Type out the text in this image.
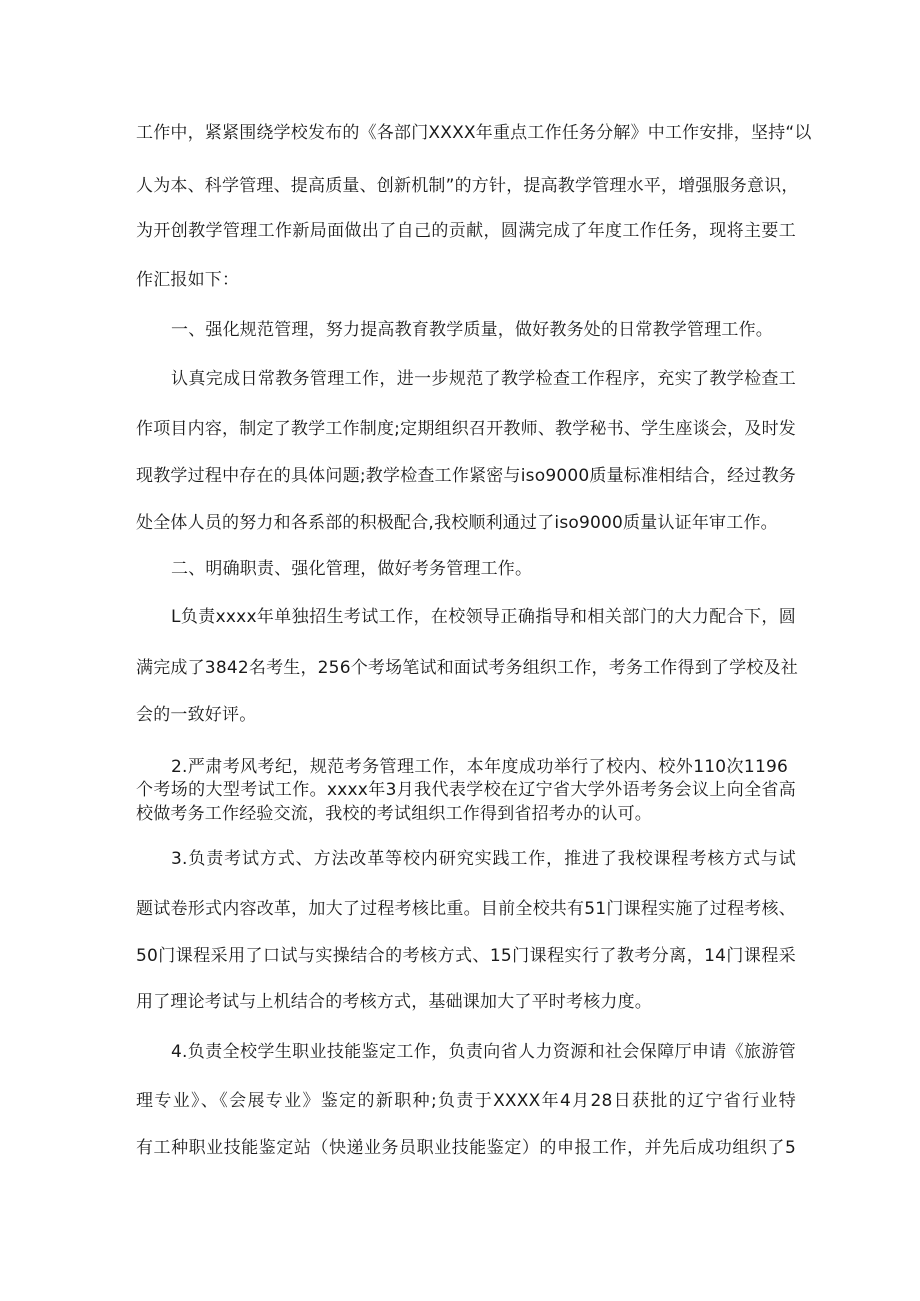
工作中，紧紧围绕学校发布的《各部门XXXX年重点工作任务分解》中工作安排，坚持“以
人为本、科学管理、提高质量、创新机制”的方针，提高教学管理水平，增强服务意识，
为开创教学管理工作新局面做出了自己的贡献，圆满完成了年度工作任务，现将主要工
作汇报如下：
一、强化规范管理，努力提高教育教学质量，做好教务处的日常教学管理工作。
认真完成日常教务管理工作，进一步规范了教学检查工作程序，充实了教学检查工
作项目内容，制定了教学工作制度;定期组织召开教师、教学秘书、学生座谈会，及时发
现教学过程中存在的具体问题;教学检查工作紧密与iso9000质量标准相结合，经过教务
处全体人员的努力和各系部的积极配合,我校顺利通过了iso9000质量认证年审工作。
二、明确职责、强化管理，做好考务管理工作。
L负责xxxx年单独招生考试工作，在校领导正确指导和相关部门的大力配合下，圆
满完成了3842名考生，256个考场笔试和面试考务组织工作，考务工作得到了学校及社
会的一致好评。
2.严肃考风考纪，规范考务管理工作，本年度成功举行了校内、校外110次1196
个考场的大型考试工作。xxxx年3月我代表学校在辽宁省大学外语考务会议上向全省高
校做考务工作经验交流，我校的考试组织工作得到省招考办的认可。
3.负责考试方式、方法改革等校内研究实践工作，推进了我校课程考核方式与试
题试卷形式内容改革，加大了过程考核比重。目前全校共有51门课程实施了过程考核、
50门课程采用了口试与实操结合的考核方式、15门课程实行了教考分离，14门课程采
用了理论考试与上机结合的考核方式，基础课加大了平时考核力度。
4.负责全校学生职业技能鉴定工作，负责向省人力资源和社会保障厅申请《旅游管
理专业》、《会展专业》鉴定的新职种;负责于XXXX年4月28日获批的辽宁省行业特
有工种职业技能鉴定站（快递业务员职业技能鉴定）的申报工作，并先后成功组织了5
